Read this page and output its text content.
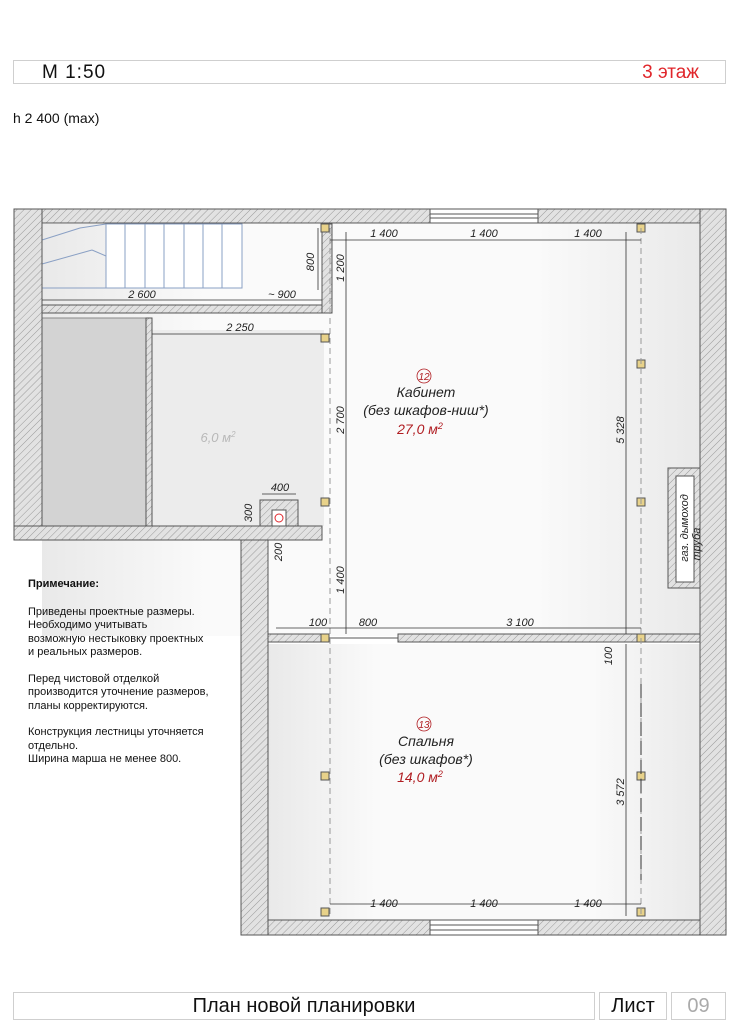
М 1:50	3 этаж
h 2 400 (max)
1 400	1 400	1 400
1 400	1 400	1 400
2 600	~ 900
2 250
400
100	800	3 100
800 1 200
2 700
1 400
5 328
300
200
100
3 572
12
Кабинет
(без шкафов-ниш*)
27,0 $м^2$
13
Спальня
(без шкафов*)
14,0 $м^2$
6,0 $м^2$
газ. дымоход труба

Примечание:

Приведены проектные размеры.
Необходимо учитывать
возможную нестыковку проектных
и реальных размеров.

Перед чистовой отделкой
производится уточнение размеров,
планы корректируются.

Конструкция лестницы уточняется
отдельно.
Ширина марша не менее 800.

План новой планировки	Лист	09
